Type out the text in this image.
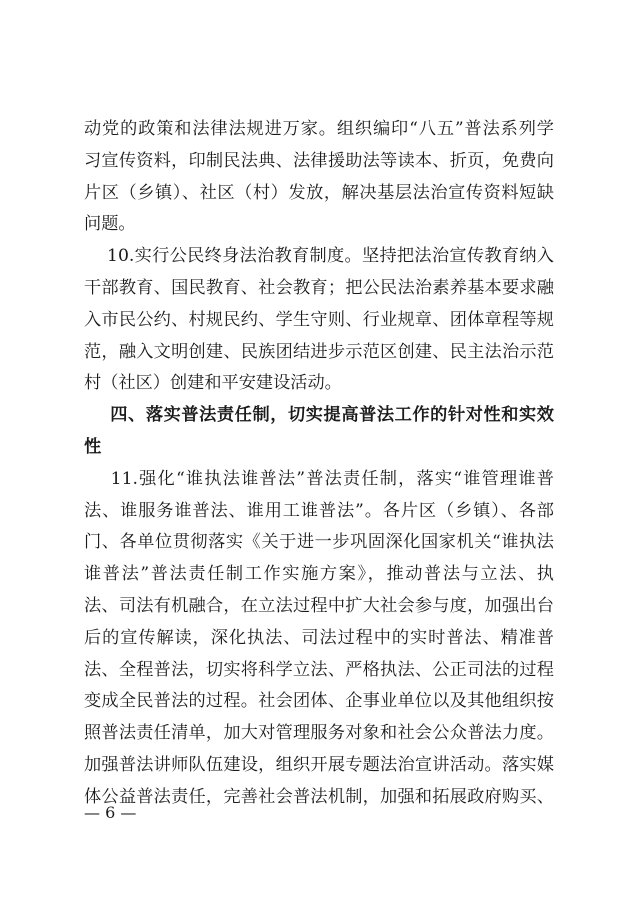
动党的政策和法律法规进万家。组织编印“八五”普法系列学
习宣传资料，印制民法典、法律援助法等读本、折页，免费向
片区（乡镇）、社区（村）发放，解决基层法治宣传资料短缺
问题。
10.实行公民终身法治教育制度。坚持把法治宣传教育纳入
干部教育、国民教育、社会教育；把公民法治素养基本要求融
入市民公约、村规民约、学生守则、行业规章、团体章程等规
范，融入文明创建、民族团结进步示范区创建、民主法治示范
村（社区）创建和平安建设活动。
四、落实普法责任制，切实提高普法工作的针对性和实效
性
11.强化“谁执法谁普法”普法责任制，落实“谁管理谁普
法、谁服务谁普法、谁用工谁普法”。各片区（乡镇）、各部
门、各单位贯彻落实《关于进一步巩固深化国家机关“谁执法
谁普法”普法责任制工作实施方案》，推动普法与立法、执
法、司法有机融合，在立法过程中扩大社会参与度，加强出台
后的宣传解读，深化执法、司法过程中的实时普法、精准普
法、全程普法，切实将科学立法、严格执法、公正司法的过程
变成全民普法的过程。社会团体、企事业单位以及其他组织按
照普法责任清单，加大对管理服务对象和社会公众普法力度。
加强普法讲师队伍建设，组织开展专题法治宣讲活动。落实媒
体公益普法责任，完善社会普法机制，加强和拓展政府购买、
— 6 —
